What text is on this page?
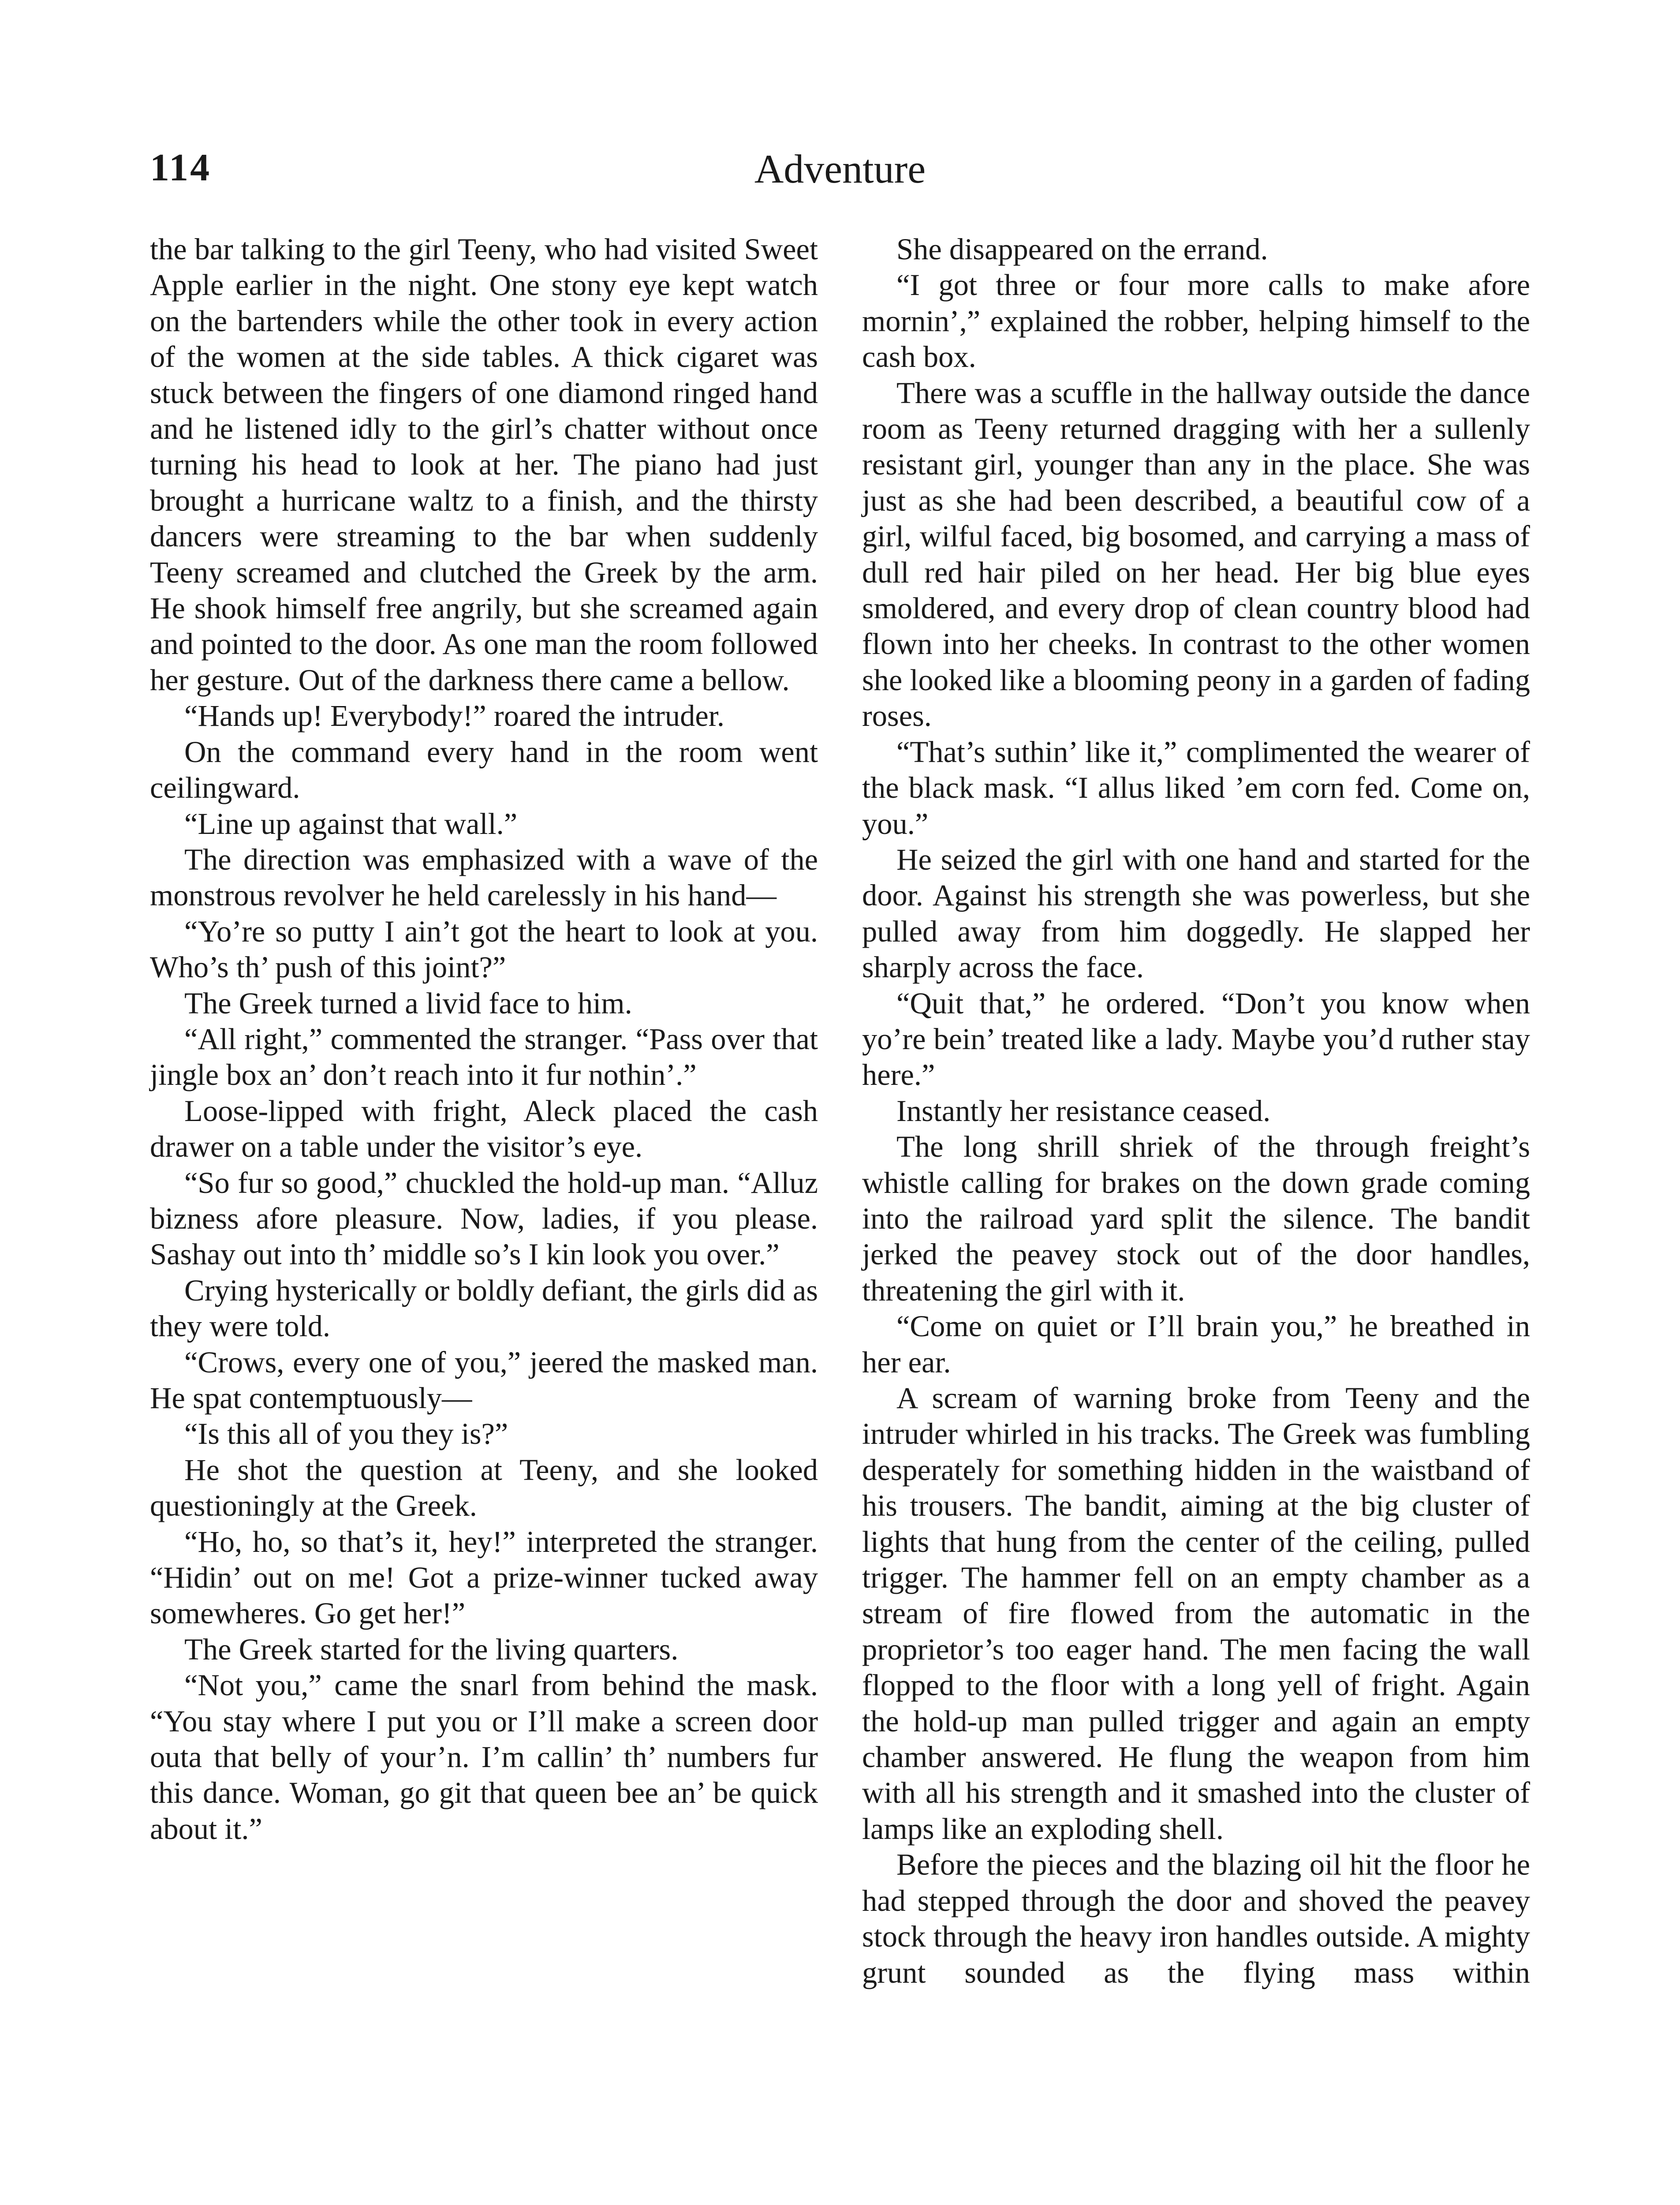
114	Adventure

the bar talking to the girl Teeny, who had visited Sweet Apple earlier in the night. One stony eye kept watch on the bartenders while the other took in every action of the women at the side tables. A thick cigaret was stuck between the fingers of one diamond ringed hand and he listened idly to the girl’s chatter without once turning his head to look at her. The piano had just brought a hurricane waltz to a finish, and the thirsty dancers were streaming to the bar when suddenly Teeny screamed and clutched the Greek by the arm. He shook himself free angrily, but she screamed again and pointed to the door. As one man the room followed her gesture. Out of the darkness there came a bellow.

“Hands up! Everybody!” roared the intruder.

On the command every hand in the room went ceilingward.

“Line up against that wall.”

The direction was emphasized with a wave of the monstrous revolver he held carelessly in his hand—

“Yo’re so putty I ain’t got the heart to look at you. Who’s th’ push of this joint?”

The Greek turned a livid face to him.

“All right,” commented the stranger. “Pass over that jingle box an’ don’t reach into it fur nothin’.”

Loose-lipped with fright, Aleck placed the cash drawer on a table under the visitor’s eye.

“So fur so good,” chuckled the hold-up man. “Alluz bizness afore pleasure. Now, ladies, if you please. Sashay out into th’ middle so’s I kin look you over.”

Crying hysterically or boldly defiant, the girls did as they were told.

“Crows, every one of you,” jeered the masked man. He spat contemptuously—

“Is this all of you they is?”

He shot the question at Teeny, and she looked questioningly at the Greek.

“Ho, ho, so that’s it, hey!” interpreted the stranger. “Hidin’ out on me! Got a prize-winner tucked away somewheres. Go get her!”

The Greek started for the living quarters.

“Not you,” came the snarl from behind the mask. “You stay where I put you or I’ll make a screen door outa that belly of your’n. I’m callin’ th’ numbers fur this dance. Woman, go git that queen bee an’ be quick about it.”

She disappeared on the errand.

“I got three or four more calls to make afore mornin’,” explained the robber, helping himself to the cash box.

There was a scuffle in the hallway outside the dance room as Teeny returned dragging with her a sullenly resistant girl, younger than any in the place. She was just as she had been described, a beautiful cow of a girl, wilful faced, big bosomed, and carrying a mass of dull red hair piled on her head. Her big blue eyes smoldered, and every drop of clean country blood had flown into her cheeks. In contrast to the other women she looked like a blooming peony in a garden of fading roses.

“That’s suthin’ like it,” complimented the wearer of the black mask. “I allus liked ’em corn fed. Come on, you.”

He seized the girl with one hand and started for the door. Against his strength she was powerless, but she pulled away from him doggedly. He slapped her sharply across the face.

“Quit that,” he ordered. “Don’t you know when yo’re bein’ treated like a lady. Maybe you’d ruther stay here.”

Instantly her resistance ceased.

The long shrill shriek of the through freight’s whistle calling for brakes on the down grade coming into the railroad yard split the silence. The bandit jerked the peavey stock out of the door handles, threatening the girl with it.

“Come on quiet or I’ll brain you,” he breathed in her ear.

A scream of warning broke from Teeny and the intruder whirled in his tracks. The Greek was fumbling desperately for something hidden in the waistband of his trousers. The bandit, aiming at the big cluster of lights that hung from the center of the ceiling, pulled trigger. The hammer fell on an empty chamber as a stream of fire flowed from the automatic in the proprietor’s too eager hand. The men facing the wall flopped to the floor with a long yell of fright. Again the hold-up man pulled trigger and again an empty chamber answered. He flung the weapon from him with all his strength and it smashed into the cluster of lamps like an exploding shell.

Before the pieces and the blazing oil hit the floor he had stepped through the door and shoved the peavey stock through the heavy iron handles outside. A mighty grunt sounded as the flying mass within
